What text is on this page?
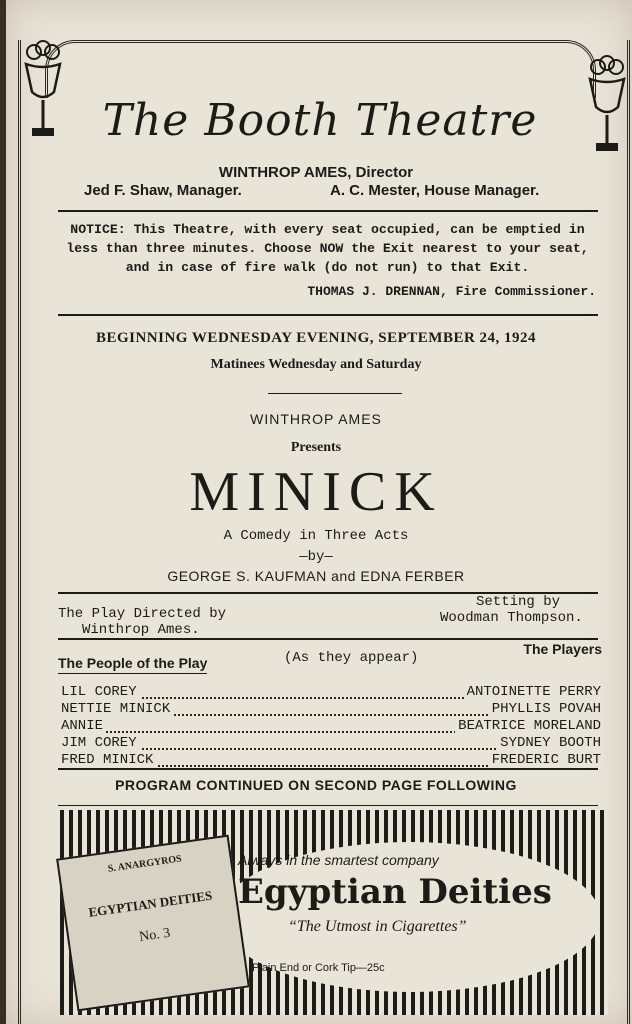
The Booth Theatre
WINTHROP AMES, Director
Jed F. Shaw, Manager.	A. C. Mester, House Manager.
NOTICE: This Theatre, with every seat occupied, can be emptied in less than three minutes. Choose NOW the Exit nearest to your seat, and in case of fire walk (do not run) to that Exit.
THOMAS J. DRENNAN, Fire Commissioner.
BEGINNING WEDNESDAY EVENING, SEPTEMBER 24, 1924
Matinees Wednesday and Saturday
WINTHROP AMES
Presents
MINICK
A Comedy in Three Acts
—by—
GEORGE S. KAUFMAN and EDNA FERBER
The Play Directed by
Winthrop Ames.
Setting by
Woodman Thompson.
The People of the Play	(As they appear)
The Players
LIL COREY	ANTOINETTE PERRY
NETTIE MINICK	PHYLLIS POVAH
ANNIE	BEATRICE MORELAND
JIM COREY	SYDNEY BOOTH
FRED MINICK	FREDERIC BURT
PROGRAM CONTINUED ON SECOND PAGE FOLLOWING
S. ANARGYROS
EGYPTIAN DEITIES
No. 3
Always in the smartest company
Egyptian Deities
“The Utmost in Cigarettes”
Plain End or Cork Tip—25c
